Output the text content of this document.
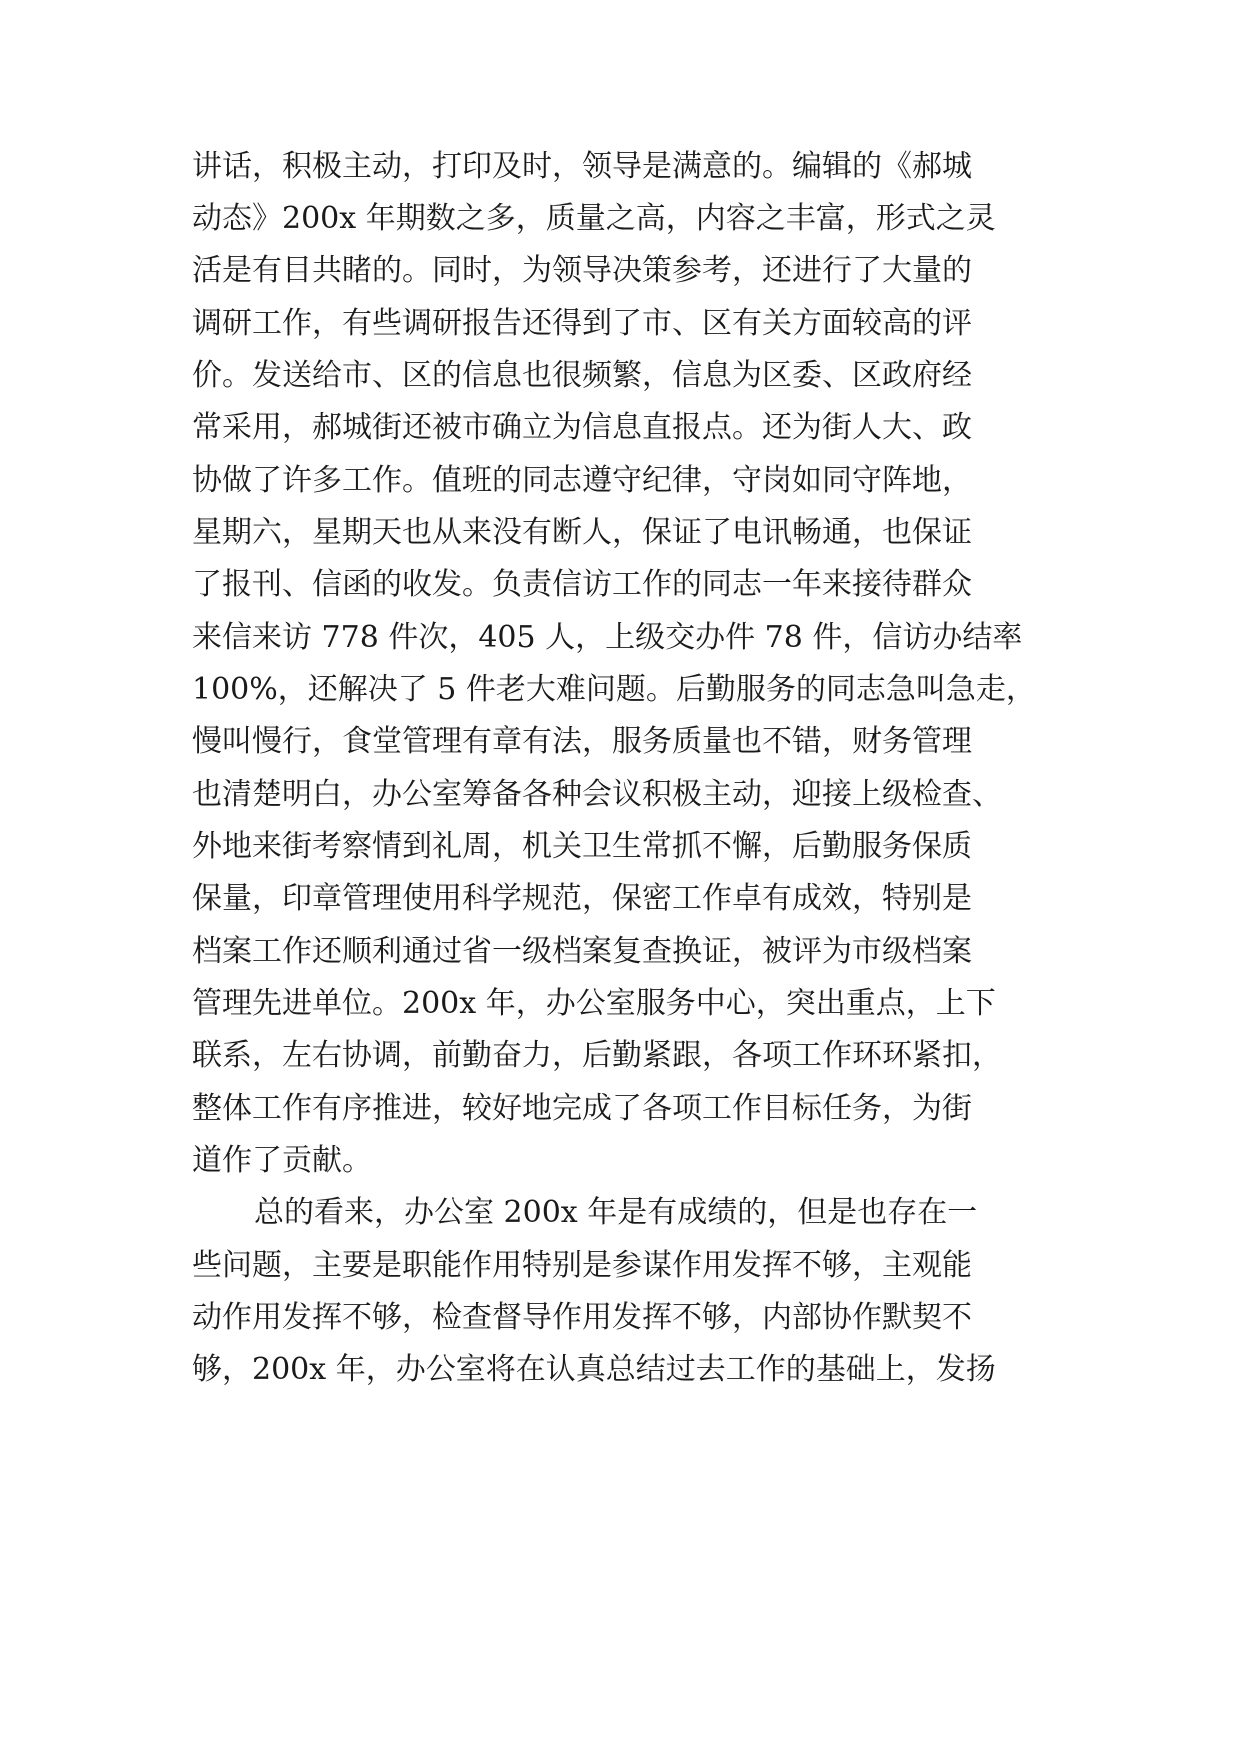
讲话，积极主动，打印及时，领导是满意的。编辑的《郝城

动态》200x 年期数之多，质量之高，内容之丰富，形式之灵

活是有目共睹的。同时，为领导决策参考，还进行了大量的

调研工作，有些调研报告还得到了市、区有关方面较高的评

价。发送给市、区的信息也很频繁，信息为区委、区政府经

常采用，郝城街还被市确立为信息直报点。还为街人大、政

协做了许多工作。值班的同志遵守纪律，守岗如同守阵地，

星期六，星期天也从来没有断人，保证了电讯畅通，也保证

了报刊、信函的收发。负责信访工作的同志一年来接待群众

来信来访 778 件次，405 人，上级交办件 78 件，信访办结率

100%，还解决了 5 件老大难问题。后勤服务的同志急叫急走，

慢叫慢行，食堂管理有章有法，服务质量也不错，财务管理

也清楚明白，办公室筹备各种会议积极主动，迎接上级检查、

外地来街考察情到礼周，机关卫生常抓不懈，后勤服务保质

保量，印章管理使用科学规范，保密工作卓有成效，特别是

档案工作还顺利通过省一级档案复查换证，被评为市级档案

管理先进单位。200x 年，办公室服务中心，突出重点，上下

联系，左右协调，前勤奋力，后勤紧跟，各项工作环环紧扣，

整体工作有序推进，较好地完成了各项工作目标任务，为街

道作了贡献。

总的看来，办公室 200x 年是有成绩的，但是也存在一

些问题，主要是职能作用特别是参谋作用发挥不够，主观能

动作用发挥不够，检查督导作用发挥不够，内部协作默契不

够，200x 年，办公室将在认真总结过去工作的基础上，发扬
